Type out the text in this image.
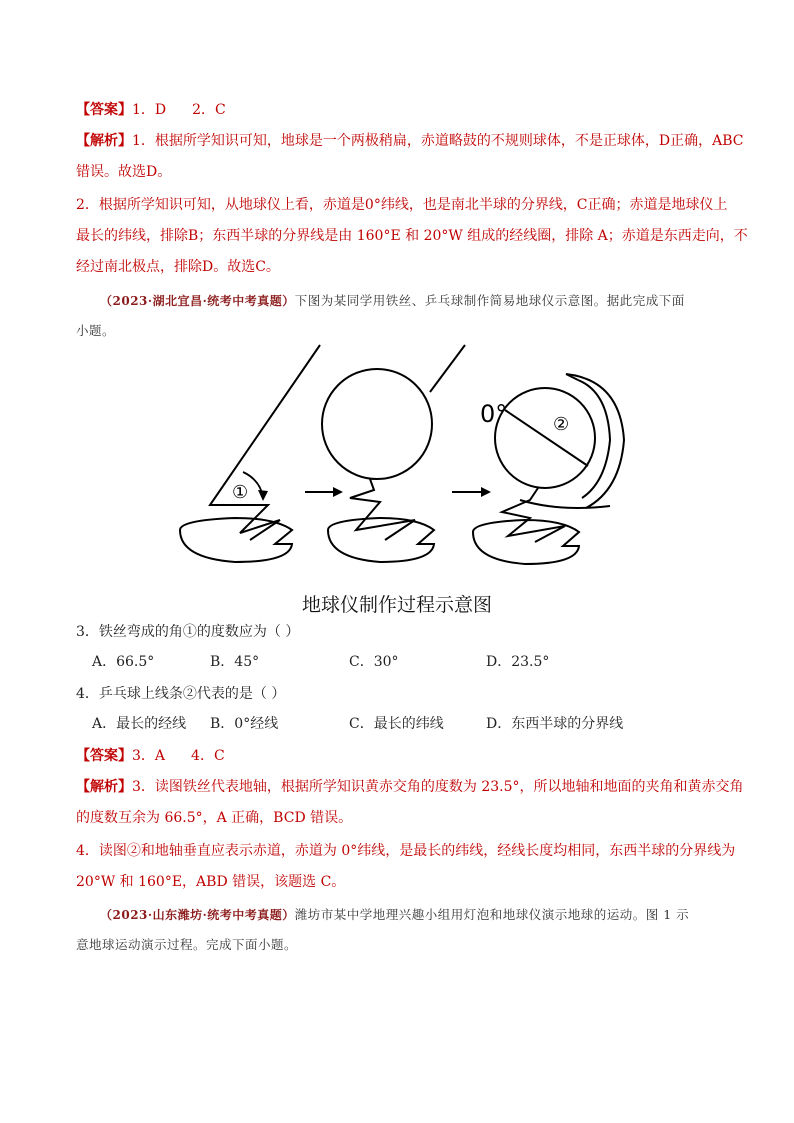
【答案】1．D 2．C
【解析】1．根据所学知识可知，地球是一个两极稍扁，赤道略鼓的不规则球体，不是正球体，D正确，ABC
错误。故选D。
2．根据所学知识可知，从地球仪上看，赤道是0°纬线，也是南北半球的分界线，C正确；赤道是地球仪上
最长的纬线，排除B；东西半球的分界线是由 160°E 和 20°W 组成的经线圈，排除 A；赤道是东西走向，不
经过南北极点，排除D。故选C。
（2023·湖北宜昌·统考中考真题）下图为某同学用铁丝、乒乓球制作简易地球仪示意图。据此完成下面
小题。
①
②
0°
地球仪制作过程示意图
3．铁丝弯成的角①的度数应为（ ）
A．66.5°	B．45°	C．30°	D．23.5°
4．乒乓球上线条②代表的是（ ）
A．最长的经线 B．0°经线	C．最长的纬线	D．东西半球的分界线
【答案】3．A 4．C
【解析】3．读图铁丝代表地轴，根据所学知识黄赤交角的度数为 23.5°，所以地轴和地面的夹角和黄赤交角
的度数互余为 66.5°，A 正确，BCD 错误。
4．读图②和地轴垂直应表示赤道，赤道为 0°纬线，是最长的纬线，经线长度均相同，东西半球的分界线为
20°W 和 160°E，ABD 错误，该题选 C。
（2023·山东潍坊·统考中考真题）潍坊市某中学地理兴趣小组用灯泡和地球仪演示地球的运动。图 1 示
意地球运动演示过程。完成下面小题。
